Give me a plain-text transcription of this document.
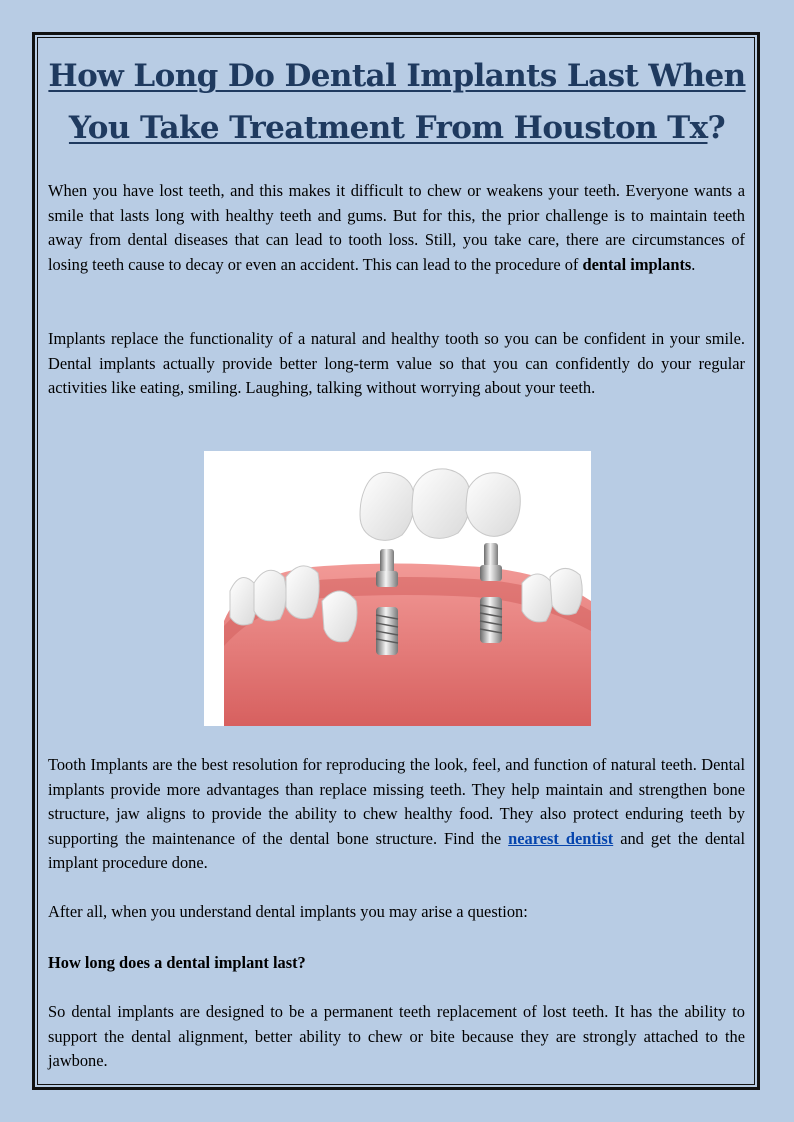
How Long Do Dental Implants Last When
You Take Treatment From Houston Tx?

When you have lost teeth, and this makes it difficult to chew or weakens your teeth. Everyone wants a smile that lasts long with healthy teeth and gums. But for this, the prior challenge is to maintain teeth away from dental diseases that can lead to tooth loss. Still, you take care, there are circumstances of losing teeth cause to decay or even an accident. This can lead to the procedure of dental implants.

Implants replace the functionality of a natural and healthy tooth so you can be confident in your smile. Dental implants actually provide better long-term value so that you can confidently do your regular activities like eating, smiling. Laughing, talking without worrying about your teeth.

Tooth Implants are the best resolution for reproducing the look, feel, and function of natural teeth. Dental implants provide more advantages than replace missing teeth. They help maintain and strengthen bone structure, jaw aligns to provide the ability to chew healthy food. They also protect enduring teeth by supporting the maintenance of the dental bone structure. Find the nearest dentist and get the dental implant procedure done.

After all, when you understand dental implants you may arise a question:

How long does a dental implant last?

So dental implants are designed to be a permanent teeth replacement of lost teeth. It has the ability to support the dental alignment, better ability to chew or bite because they are strongly attached to the jawbone.
